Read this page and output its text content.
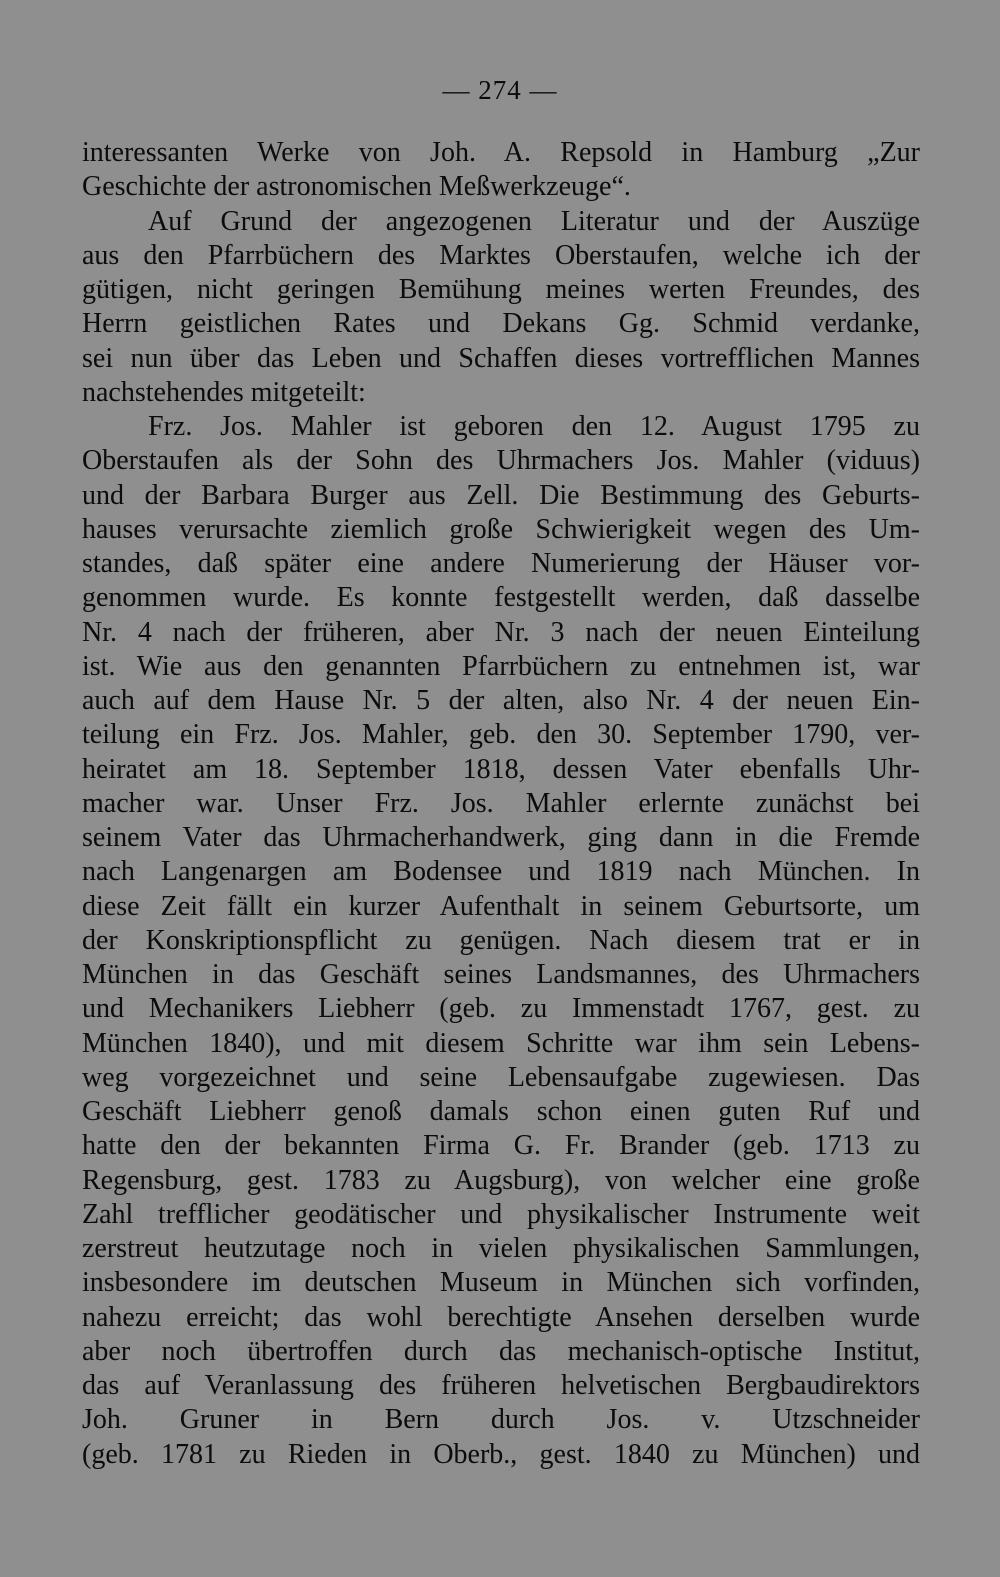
— 274 —
interessanten Werke von Joh. A. Repsold in Hamburg „Zur
Geschichte der astronomischen Meßwerkzeuge“.
Auf Grund der angezogenen Literatur und der Auszüge
aus den Pfarrbüchern des Marktes Oberstaufen, welche ich der
gütigen, nicht geringen Bemühung meines werten Freundes, des
Herrn geistlichen Rates und Dekans Gg. Schmid verdanke,
sei nun über das Leben und Schaffen dieses vortrefflichen Mannes
nachstehendes mitgeteilt:
Frz. Jos. Mahler ist geboren den 12. August 1795 zu
Oberstaufen als der Sohn des Uhrmachers Jos. Mahler (viduus)
und der Barbara Burger aus Zell. Die Bestimmung des Geburts-
hauses verursachte ziemlich große Schwierigkeit wegen des Um-
standes, daß später eine andere Numerierung der Häuser vor-
genommen wurde. Es konnte festgestellt werden, daß dasselbe
Nr. 4 nach der früheren, aber Nr. 3 nach der neuen Einteilung
ist. Wie aus den genannten Pfarrbüchern zu entnehmen ist, war
auch auf dem Hause Nr. 5 der alten, also Nr. 4 der neuen Ein-
teilung ein Frz. Jos. Mahler, geb. den 30. September 1790, ver-
heiratet am 18. September 1818, dessen Vater ebenfalls Uhr-
macher war. Unser Frz. Jos. Mahler erlernte zunächst bei
seinem Vater das Uhrmacherhandwerk, ging dann in die Fremde
nach Langenargen am Bodensee und 1819 nach München. In
diese Zeit fällt ein kurzer Aufenthalt in seinem Geburtsorte, um
der Konskriptionspflicht zu genügen. Nach diesem trat er in
München in das Geschäft seines Landsmannes, des Uhrmachers
und Mechanikers Liebherr (geb. zu Immenstadt 1767, gest. zu
München 1840), und mit diesem Schritte war ihm sein Lebens-
weg vorgezeichnet und seine Lebensaufgabe zugewiesen. Das
Geschäft Liebherr genoß damals schon einen guten Ruf und
hatte den der bekannten Firma G. Fr. Brander (geb. 1713 zu
Regensburg, gest. 1783 zu Augsburg), von welcher eine große
Zahl trefflicher geodätischer und physikalischer Instrumente weit
zerstreut heutzutage noch in vielen physikalischen Sammlungen,
insbesondere im deutschen Museum in München sich vorfinden,
nahezu erreicht; das wohl berechtigte Ansehen derselben wurde
aber noch übertroffen durch das mechanisch-optische Institut,
das auf Veranlassung des früheren helvetischen Bergbaudirektors
Joh. Gruner in Bern durch Jos. v. Utzschneider
(geb. 1781 zu Rieden in Oberb., gest. 1840 zu München) und
